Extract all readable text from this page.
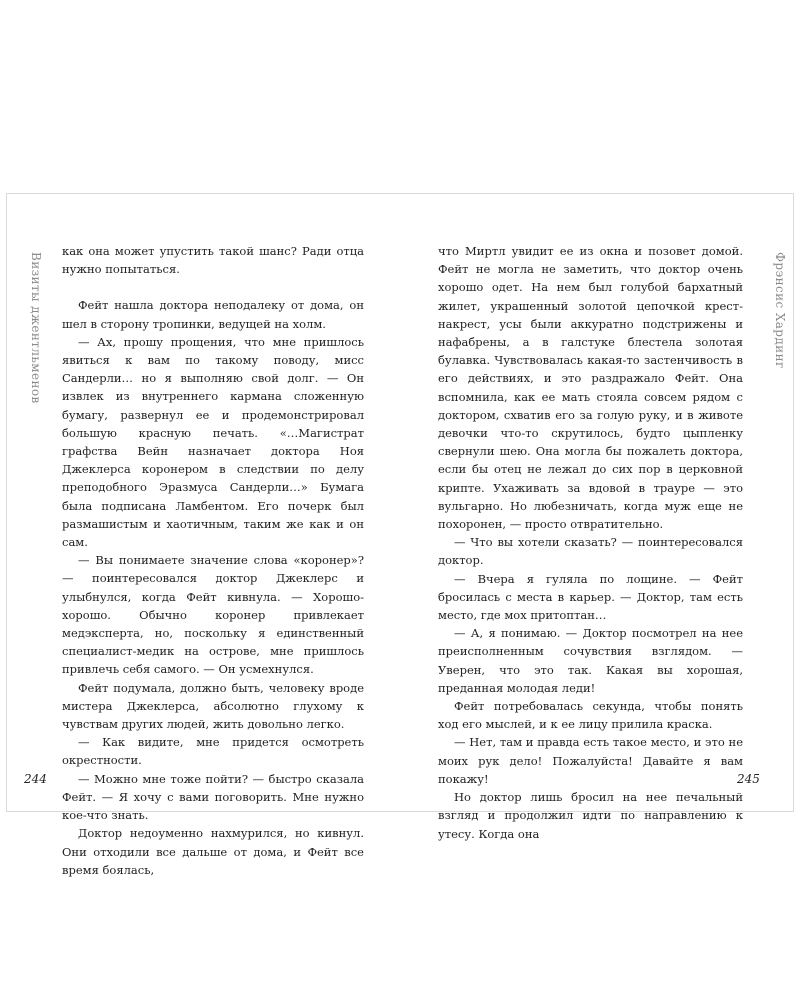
Визиты джентльменов

как она может упустить такой шанс? Ради отца нужно попытаться.

Фейт нашла доктора неподалеку от дома, он шел в сторону тропинки, ведущей на холм.

— Ах, прошу прощения, что мне пришлось явиться к вам по такому поводу, мисс Сандерли… но я выполняю свой долг. — Он извлек из внутреннего кармана сложенную бумагу, развернул ее и продемонстрировал большую красную печать. «…Магистрат графства Вейн назначает доктора Ноя Джеклерса коронером в следствии по делу преподобного Эразмуса Сандерли…» Бумага была подписана Ламбентом. Его почерк был размашистым и хаотичным, таким же как и он сам.

— Вы понимаете значение слова «коронер»? — поинтересовался доктор Джеклерс и улыбнулся, когда Фейт кивнула. — Хорошо-хорошо. Обычно коронер привлекает медэксперта, но, поскольку я единственный специалист-медик на острове, мне пришлось привлечь себя самого. — Он усмехнулся.

Фейт подумала, должно быть, человеку вроде мистера Джеклерса, абсолютно глухому к чувствам других людей, жить довольно легко.

— Как видите, мне придется осмотреть окрестности.

— Можно мне тоже пойти? — быстро сказала Фейт. — Я хочу с вами поговорить. Мне нужно кое-что знать.

Доктор недоуменно нахмурился, но кивнул. Они отходили все дальше от дома, и Фейт все время боялась,

244
Фрэнсис Хардинг

что Миртл увидит ее из окна и позовет домой. Фейт не могла не заметить, что доктор очень хорошо одет. На нем был голубой бархатный жилет, украшенный золотой цепочкой крест-накрест, усы были аккуратно подстрижены и нафабрены, а в галстуке блестела золотая булавка. Чувствовалась какая-то застенчивость в его действиях, и это раздражало Фейт. Она вспомнила, как ее мать стояла совсем рядом с доктором, схватив его за голую руку, и в животе девочки что-то скрутилось, будто цыпленку свернули шею. Она могла бы пожалеть доктора, если бы отец не лежал до сих пор в церковной крипте. Ухаживать за вдовой в трауре — это вульгарно. Но любезничать, когда муж еще не похоронен, — просто отвратительно.

— Что вы хотели сказать? — поинтересовался доктор.

— Вчера я гуляла по лощине. — Фейт бросилась с места в карьер. — Доктор, там есть место, где мох притоптан…

— А, я понимаю. — Доктор посмотрел на нее преисполненным сочувствия взглядом. — Уверен, что это так. Какая вы хорошая, преданная молодая леди!

Фейт потребовалась секунда, чтобы понять ход его мыслей, и к ее лицу прилила краска.

— Нет, там и правда есть такое место, и это не моих рук дело! Пожалуйста! Давайте я вам покажу!

Но доктор лишь бросил на нее печальный взгляд и продолжил идти по направлению к утесу. Когда она

245
